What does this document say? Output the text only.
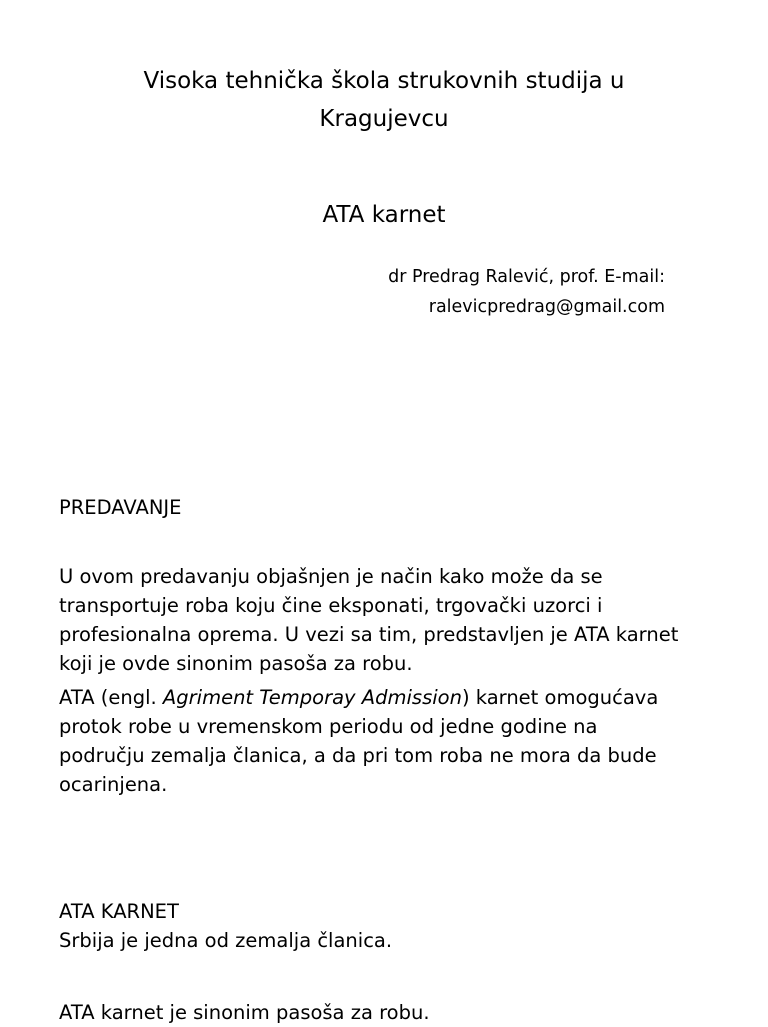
Visoka tehnička škola strukovnih studija u
Kragujevcu
ATA karnet
dr Predrag Ralević, prof. E-mail:
ralevicpredrag@gmail.com
PREDAVANJE
U ovom predavanju objašnjen je način kako može da se
transportuje roba koju čine eksponati, trgovački uzorci i
profesionalna oprema. U vezi sa tim, predstavljen je ATA karnet
koji je ovde sinonim pasoša za robu.
ATA (engl. Agriment Temporay Admission) karnet omogućava
protok robe u vremenskom periodu od jedne godine na
području zemalja članica, a da pri tom roba ne mora da bude
ocarinjena.
ATA KARNET
Srbija je jedna od zemalja članica.
ATA karnet je sinonim pasoša za robu.
